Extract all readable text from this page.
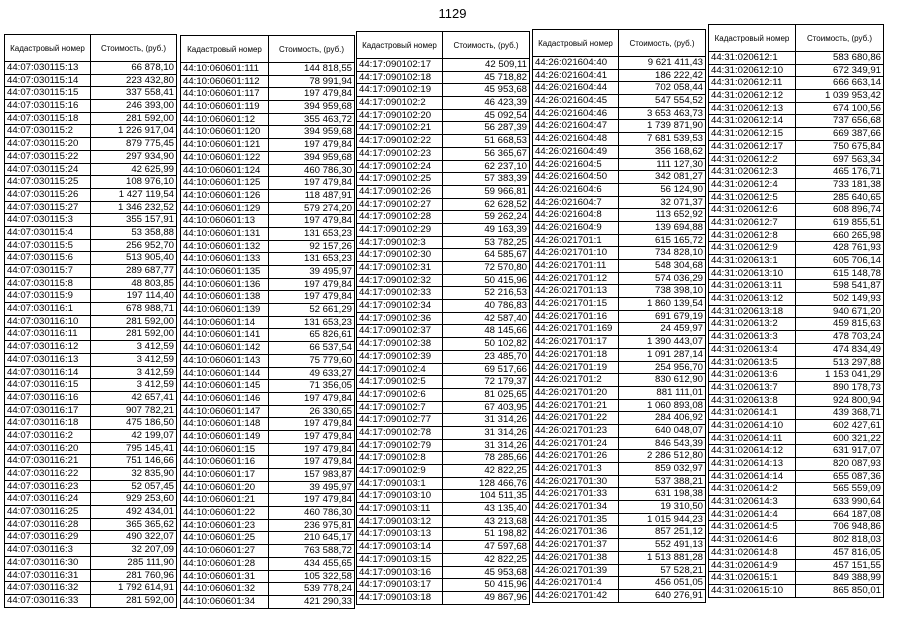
1129
Кадастровый номер	Стоимость, (руб.)
44:07:030115:13	66 878,10
44:07:030115:14	223 432,80
44:07:030115:15	337 558,41
44:07:030115:16	246 393,00
44:07:030115:18	281 592,00
44:07:030115:2	1 226 917,04
44:07:030115:20	879 775,45
44:07:030115:22	297 934,90
44:07:030115:24	42 625,99
44:07:030115:25	108 976,10
44:07:030115:26	1 427 119,54
44:07:030115:27	1 346 232,52
44:07:030115:3	355 157,91
44:07:030115:4	53 358,88
44:07:030115:5	256 952,70
44:07:030115:6	513 905,40
44:07:030115:7	289 687,77
44:07:030115:8	48 803,85
44:07:030115:9	197 114,40
44:07:030116:1	678 988,71
44:07:030116:10	281 592,00
44:07:030116:11	281 592,00
44:07:030116:12	3 412,59
44:07:030116:13	3 412,59
44:07:030116:14	3 412,59
44:07:030116:15	3 412,59
44:07:030116:16	42 657,41
44:07:030116:17	907 782,21
44:07:030116:18	475 186,50
44:07:030116:2	42 199,07
44:07:030116:20	795 145,41
44:07:030116:21	751 146,66
44:07:030116:22	32 835,90
44:07:030116:23	52 057,45
44:07:030116:24	929 253,60
44:07:030116:25	492 434,01
44:07:030116:28	365 365,62
44:07:030116:29	490 322,07
44:07:030116:3	32 207,09
44:07:030116:30	285 111,90
44:07:030116:31	281 760,96
44:07:030116:32	1 792 614,91
44:07:030116:33	281 592,00
Кадастровый номер	Стоимость, (руб.)
44:10:060601:111	144 818,55
44:10:060601:112	78 991,94
44:10:060601:117	197 479,84
44:10:060601:119	394 959,68
44:10:060601:12	355 463,72
44:10:060601:120	394 959,68
44:10:060601:121	197 479,84
44:10:060601:122	394 959,68
44:10:060601:124	460 786,30
44:10:060601:125	197 479,84
44:10:060601:126	118 487,91
44:10:060601:129	579 274,20
44:10:060601:13	197 479,84
44:10:060601:131	131 653,23
44:10:060601:132	92 157,26
44:10:060601:133	131 653,23
44:10:060601:135	39 495,97
44:10:060601:136	197 479,84
44:10:060601:138	197 479,84
44:10:060601:139	52 661,29
44:10:060601:14	131 653,23
44:10:060601:141	65 826,61
44:10:060601:142	66 537,54
44:10:060601:143	75 779,60
44:10:060601:144	49 633,27
44:10:060601:145	71 356,05
44:10:060601:146	197 479,84
44:10:060601:147	26 330,65
44:10:060601:148	197 479,84
44:10:060601:149	197 479,84
44:10:060601:15	197 479,84
44:10:060601:16	197 479,84
44:10:060601:17	157 983,87
44:10:060601:20	39 495,97
44:10:060601:21	197 479,84
44:10:060601:22	460 786,30
44:10:060601:23	236 975,81
44:10:060601:25	210 645,17
44:10:060601:27	763 588,72
44:10:060601:28	434 455,65
44:10:060601:31	105 322,58
44:10:060601:32	539 778,24
44:10:060601:34	421 290,33
Кадастровый номер	Стоимость, (руб.)
44:17:090102:17	42 509,11
44:17:090102:18	45 718,82
44:17:090102:19	45 953,68
44:17:090102:2	46 423,39
44:17:090102:20	45 092,54
44:17:090102:21	56 287,39
44:17:090102:22	51 668,53
44:17:090102:23	56 365,67
44:17:090102:24	62 237,10
44:17:090102:25	57 383,39
44:17:090102:26	59 966,81
44:17:090102:27	62 628,52
44:17:090102:28	59 262,24
44:17:090102:29	49 163,39
44:17:090102:3	53 782,25
44:17:090102:30	64 585,67
44:17:090102:31	72 570,80
44:17:090102:32	50 415,96
44:17:090102:33	52 216,53
44:17:090102:34	40 786,83
44:17:090102:36	42 587,40
44:17:090102:37	48 145,66
44:17:090102:38	50 102,82
44:17:090102:39	23 485,70
44:17:090102:4	69 517,66
44:17:090102:5	72 179,37
44:17:090102:6	81 025,65
44:17:090102:7	67 403,95
44:17:090102:77	31 314,26
44:17:090102:78	31 314,26
44:17:090102:79	31 314,26
44:17:090102:8	78 285,66
44:17:090102:9	42 822,25
44:17:090103:1	128 466,76
44:17:090103:10	104 511,35
44:17:090103:11	43 135,40
44:17:090103:12	43 213,68
44:17:090103:13	51 198,82
44:17:090103:14	47 597,68
44:17:090103:15	42 822,25
44:17:090103:16	45 953,68
44:17:090103:17	50 415,96
44:17:090103:18	49 867,96
Кадастровый номер	Стоимость, (руб.)
44:26:021604:40	9 621 411,43
44:26:021604:41	186 222,42
44:26:021604:44	702 058,44
44:26:021604:45	547 554,52
44:26:021604:46	3 653 463,73
44:26:021604:47	1 739 871,90
44:26:021604:48	7 681 539,53
44:26:021604:49	356 168,62
44:26:021604:5	111 127,30
44:26:021604:50	342 081,27
44:26:021604:6	56 124,90
44:26:021604:7	32 071,37
44:26:021604:8	113 652,92
44:26:021604:9	139 694,88
44:26:021701:1	615 165,72
44:26:021701:10	734 828,10
44:26:021701:11	548 304,68
44:26:021701:12	574 036,29
44:26:021701:13	738 398,10
44:26:021701:15	1 860 139,54
44:26:021701:16	691 679,19
44:26:021701:169	24 459,97
44:26:021701:17	1 390 443,07
44:26:021701:18	1 091 287,14
44:26:021701:19	254 956,70
44:26:021701:2	830 612,90
44:26:021701:20	881 111,01
44:26:021701:21	1 060 893,08
44:26:021701:22	284 406,92
44:26:021701:23	640 048,07
44:26:021701:24	846 543,39
44:26:021701:26	2 286 512,80
44:26:021701:3	859 032,97
44:26:021701:30	537 388,21
44:26:021701:33	631 198,38
44:26:021701:34	19 310,50
44:26:021701:35	1 015 944,23
44:26:021701:36	857 251,12
44:26:021701:37	552 491,13
44:26:021701:38	1 513 881,28
44:26:021701:39	57 528,21
44:26:021701:4	456 051,05
44:26:021701:42	640 276,91
Кадастровый номер	Стоимость, (руб.)
44:31:020612:1	583 680,86
44:31:020612:10	672 349,91
44:31:020612:11	666 663,14
44:31:020612:12	1 039 953,42
44:31:020612:13	674 100,56
44:31:020612:14	737 656,68
44:31:020612:15	669 387,66
44:31:020612:17	750 675,84
44:31:020612:2	697 563,34
44:31:020612:3	465 176,71
44:31:020612:4	733 181,38
44:31:020612:5	285 640,65
44:31:020612:6	608 896,74
44:31:020612:7	619 855,51
44:31:020612:8	660 265,98
44:31:020612:9	428 761,93
44:31:020613:1	605 706,14
44:31:020613:10	615 148,78
44:31:020613:11	598 541,87
44:31:020613:12	502 149,93
44:31:020613:18	940 671,20
44:31:020613:2	459 815,63
44:31:020613:3	478 703,24
44:31:020613:4	474 834,49
44:31:020613:5	513 297,88
44:31:020613:6	1 153 041,29
44:31:020613:7	890 178,73
44:31:020613:8	924 800,94
44:31:020614:1	439 368,71
44:31:020614:10	602 427,61
44:31:020614:11	600 321,22
44:31:020614:12	631 917,07
44:31:020614:13	820 087,93
44:31:020614:14	655 087,36
44:31:020614:2	565 559,09
44:31:020614:3	633 990,64
44:31:020614:4	664 187,08
44:31:020614:5	706 948,86
44:31:020614:6	802 818,03
44:31:020614:8	457 816,05
44:31:020614:9	457 151,55
44:31:020615:1	849 388,99
44:31:020615:10	865 850,01
